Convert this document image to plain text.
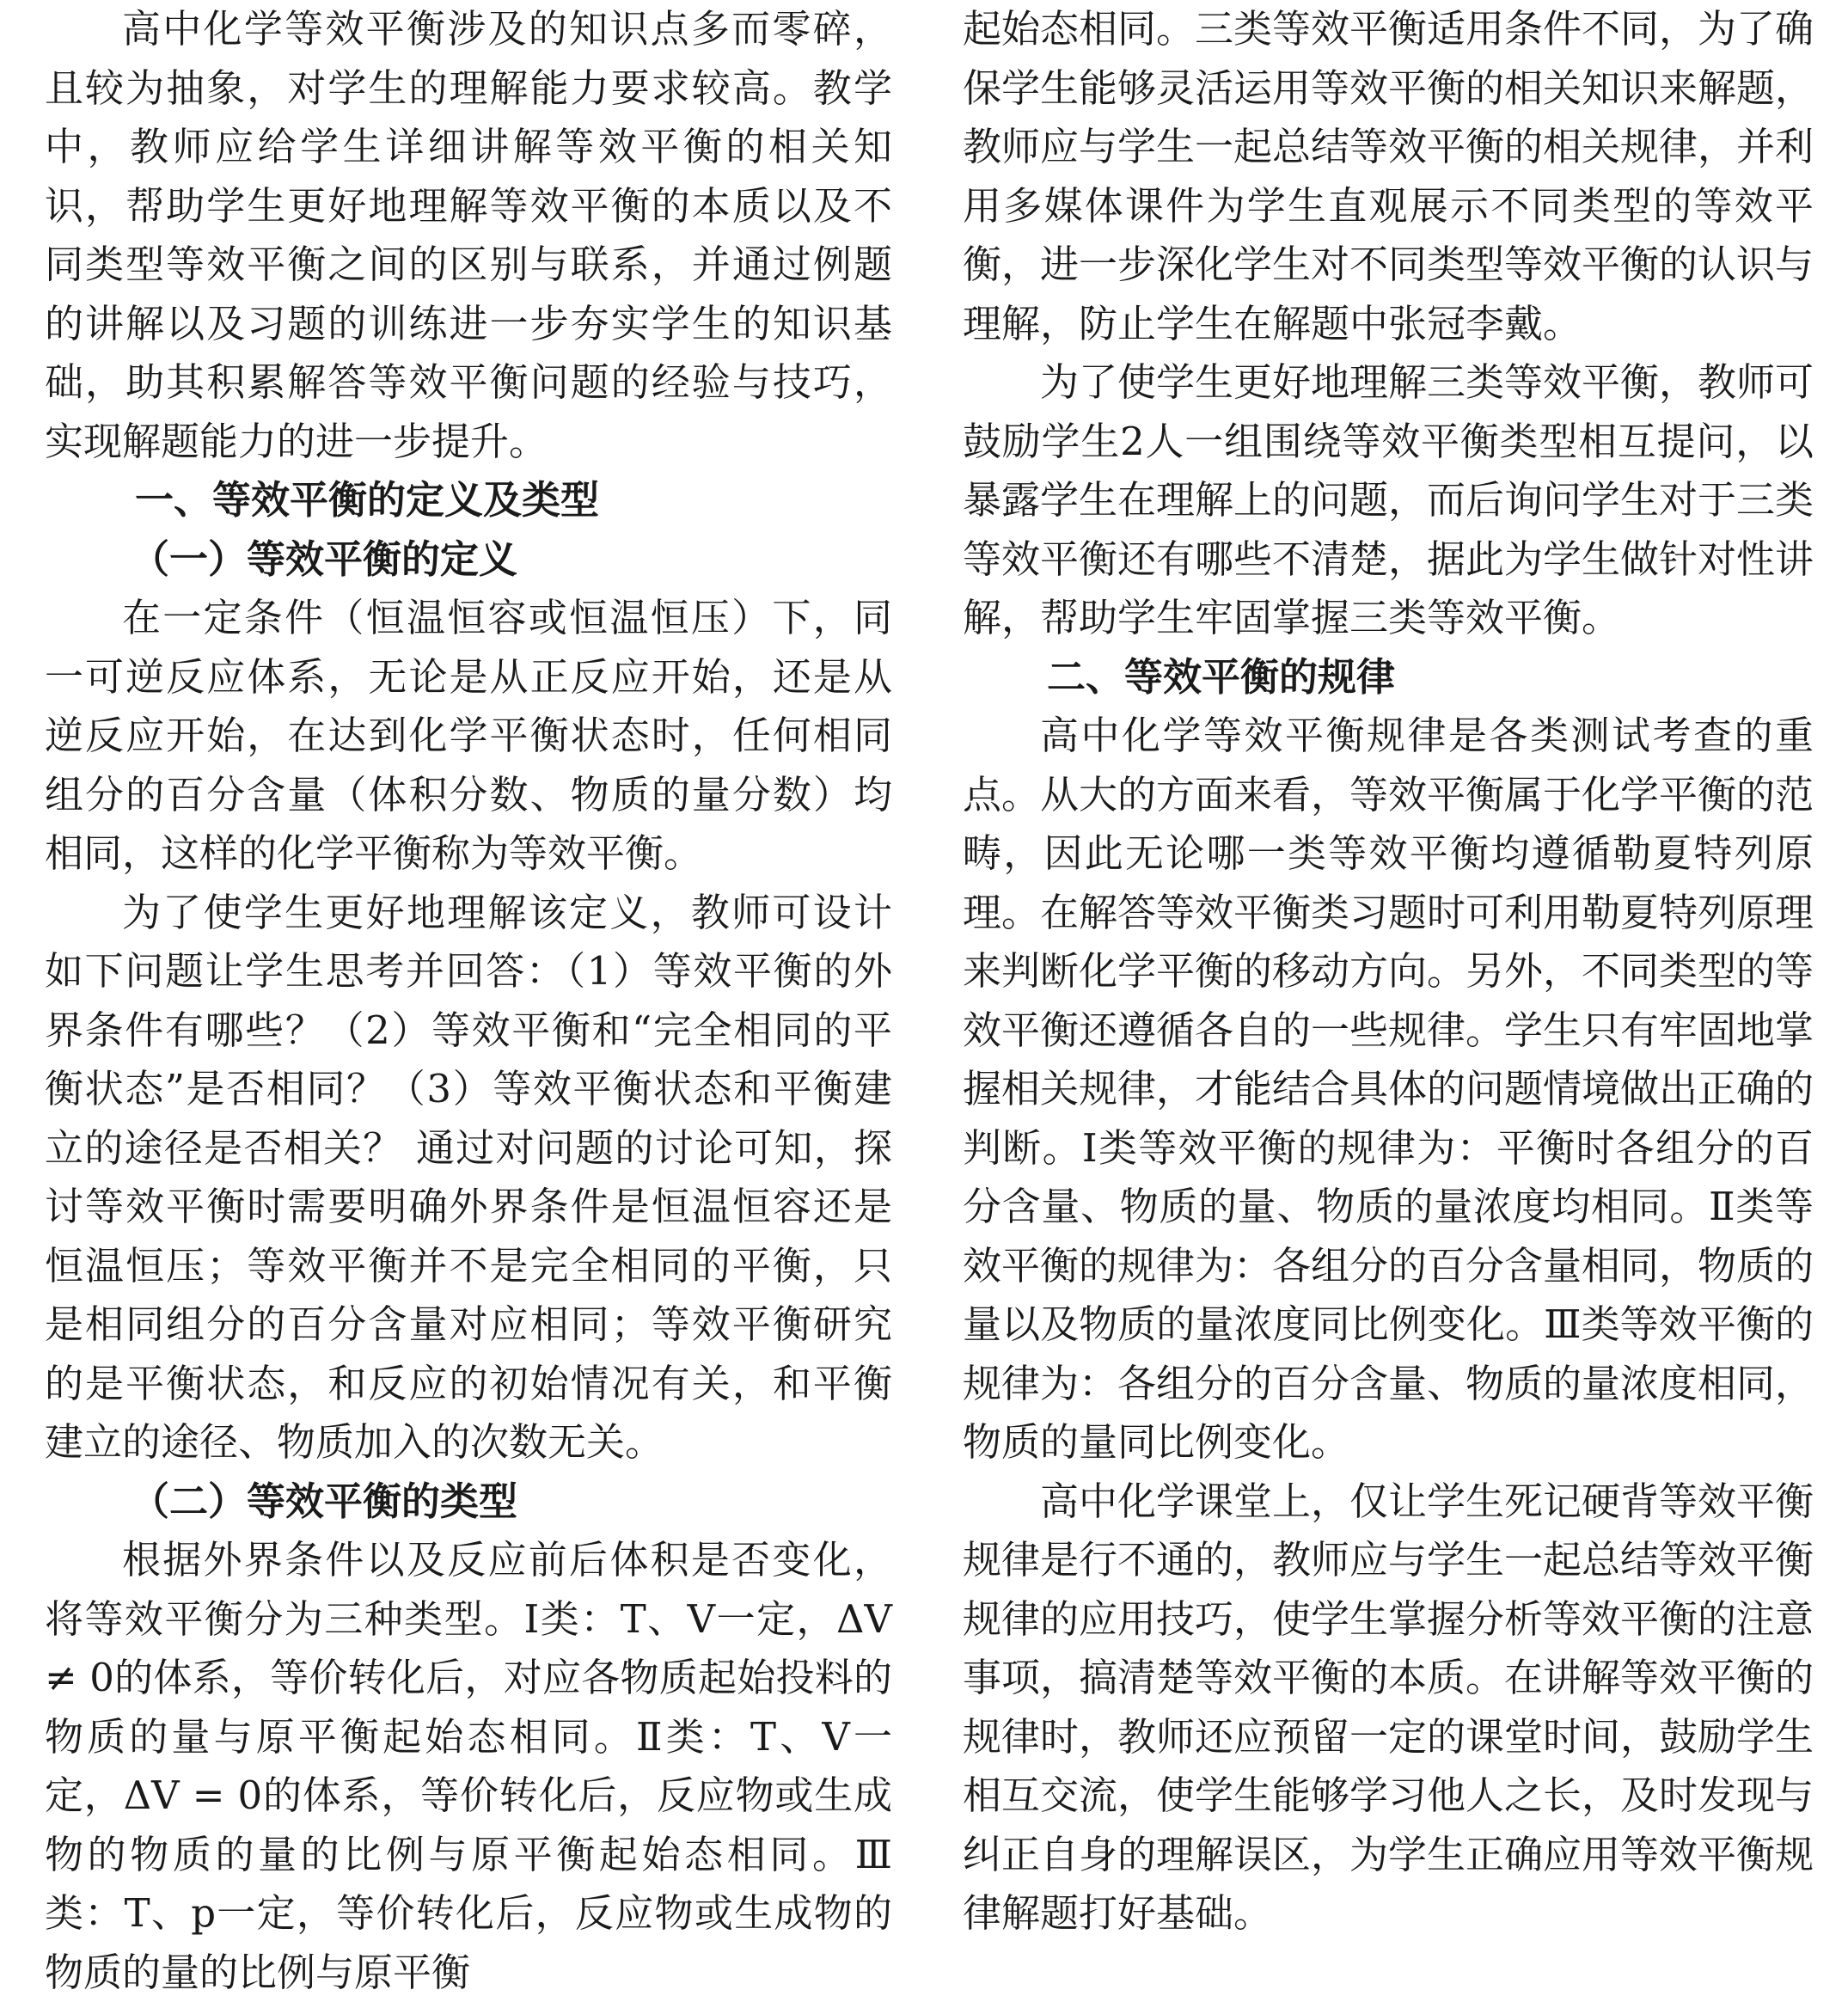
高中化学等效平衡涉及的知识点多而零碎，且较为抽象，对学生的理解能力要求较高。教学中，教师应给学生详细讲解等效平衡的相关知识，帮助学生更好地理解等效平衡的本质以及不同类型等效平衡之间的区别与联系，并通过例题的讲解以及习题的训练进一步夯实学生的知识基础，助其积累解答等效平衡问题的经验与技巧，实现解题能力的进一步提升。

一、等效平衡的定义及类型
（一）等效平衡的定义

在一定条件（恒温恒容或恒温恒压）下，同一可逆反应体系，无论是从正反应开始，还是从逆反应开始，在达到化学平衡状态时，任何相同组分的百分含量（体积分数、物质的量分数）均相同，这样的化学平衡称为等效平衡。

为了使学生更好地理解该定义，教师可设计如下问题让学生思考并回答：（1）等效平衡的外界条件有哪些？（2）等效平衡和“完全相同的平衡状态”是否相同？（3）等效平衡状态和平衡建立的途径是否相关？ 通过对问题的讨论可知，探讨等效平衡时需要明确外界条件是恒温恒容还是恒温恒压；等效平衡并不是完全相同的平衡，只是相同组分的百分含量对应相同；等效平衡研究的是平衡状态，和反应的初始情况有关，和平衡建立的途径、物质加入的次数无关。

（二）等效平衡的类型

根据外界条件以及反应前后体积是否变化，将等效平衡分为三种类型。Ⅰ类：T、V一定，ΔV ≠ 0的体系，等价转化后，对应各物质起始投料的物质的量与原平衡起始态相同。Ⅱ类：T、V一定，ΔV = 0的体系，等价转化后，反应物或生成物的物质的量的比例与原平衡起始态相同。Ⅲ类：T、p一定，等价转化后，反应物或生成物的物质的量的比例与原平衡

起始态相同。三类等效平衡适用条件不同，为了确保学生能够灵活运用等效平衡的相关知识来解题，教师应与学生一起总结等效平衡的相关规律，并利用多媒体课件为学生直观展示不同类型的等效平衡，进一步深化学生对不同类型等效平衡的认识与理解，防止学生在解题中张冠李戴。

为了使学生更好地理解三类等效平衡，教师可鼓励学生2人一组围绕等效平衡类型相互提问，以暴露学生在理解上的问题，而后询问学生对于三类等效平衡还有哪些不清楚，据此为学生做针对性讲解，帮助学生牢固掌握三类等效平衡。

二、等效平衡的规律

高中化学等效平衡规律是各类测试考查的重点。从大的方面来看，等效平衡属于化学平衡的范畴，因此无论哪一类等效平衡均遵循勒夏特列原理。在解答等效平衡类习题时可利用勒夏特列原理来判断化学平衡的移动方向。另外，不同类型的等效平衡还遵循各自的一些规律。学生只有牢固地掌握相关规律，才能结合具体的问题情境做出正确的判断。Ⅰ类等效平衡的规律为：平衡时各组分的百分含量、物质的量、物质的量浓度均相同。Ⅱ类等效平衡的规律为：各组分的百分含量相同，物质的量以及物质的量浓度同比例变化。Ⅲ类等效平衡的规律为：各组分的百分含量、物质的量浓度相同，物质的量同比例变化。

高中化学课堂上，仅让学生死记硬背等效平衡规律是行不通的，教师应与学生一起总结等效平衡规律的应用技巧，使学生掌握分析等效平衡的注意事项，搞清楚等效平衡的本质。在讲解等效平衡的规律时，教师还应预留一定的课堂时间，鼓励学生相互交流，使学生能够学习他人之长，及时发现与纠正自身的理解误区，为学生正确应用等效平衡规律解题打好基础。
